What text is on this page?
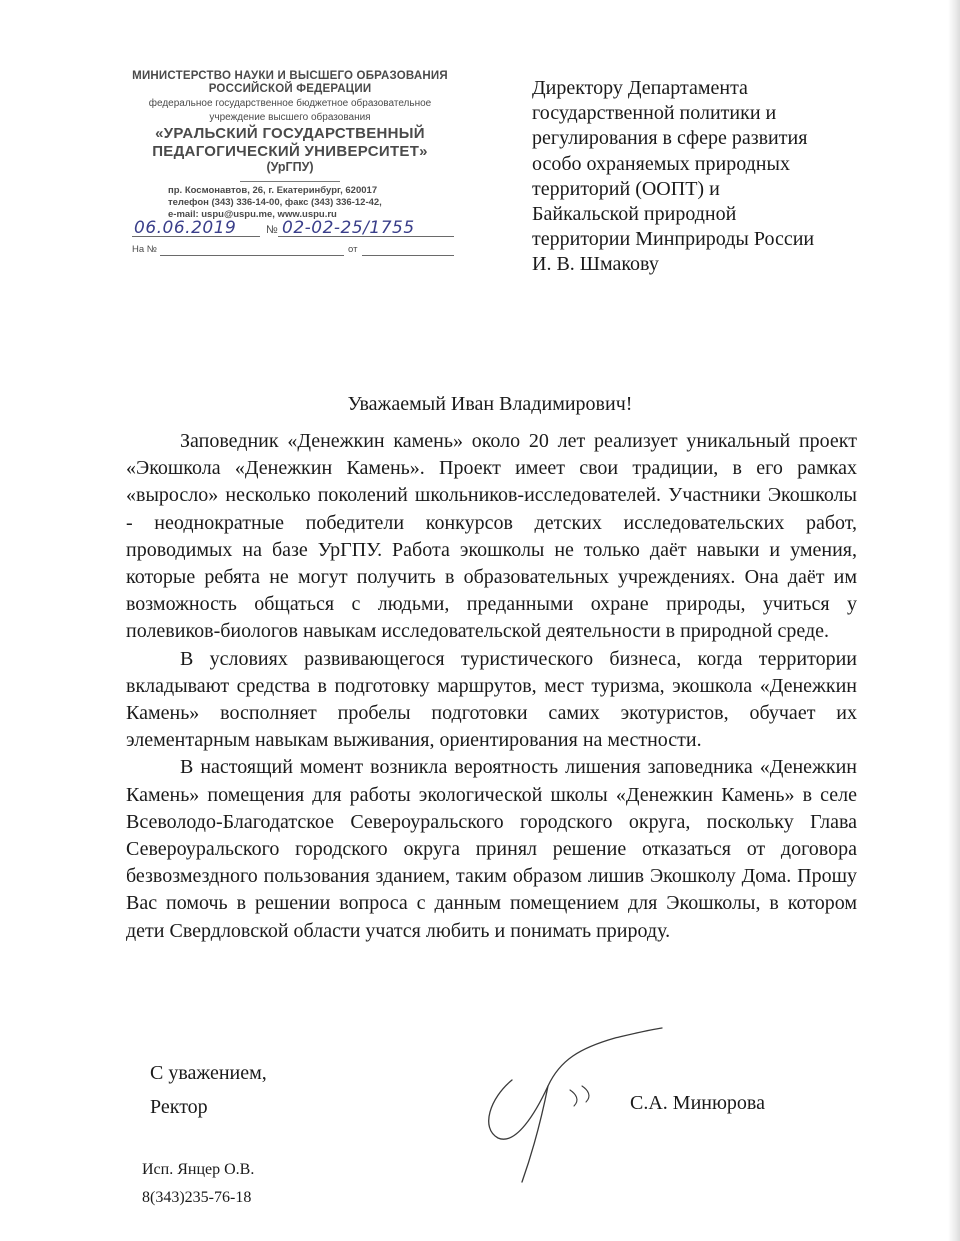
МИНИСТЕРСТВО НАУКИ И ВЫСШЕГО ОБРАЗОВАНИЯ
РОССИЙСКОЙ ФЕДЕРАЦИИ
федеральное государственное бюджетное образовательное
учреждение высшего образования
«УРАЛЬСКИЙ ГОСУДАРСТВЕННЫЙ
ПЕДАГОГИЧЕСКИЙ УНИВЕРСИТЕТ»
(УрГПУ)
пр. Космонавтов, 26, г. Екатеринбург, 620017
телефон (343) 336-14-00, факс (343) 336-12-42,
e-mail: uspu@uspu.me, www.uspu.ru
06.06.2019	№ 02-02-25/1755
На №	от
Директору Департамента
государственной политики и
регулирования в сфере развития
особо охраняемых природных
территорий (ООПТ) и
Байкальской природной
территории Минприроды России
И. В. Шмакову
Уважаемый Иван Владимирович!

Заповедник «Денежкин камень» около 20 лет реализует уникальный проект «Экошкола «Денежкин Камень». Проект имеет свои традиции, в его рамках «выросло» несколько поколений школьников-исследователей. Участники Экошколы - неоднократные победители конкурсов детских исследовательских работ, проводимых на базе УрГПУ. Работа экошколы не только даёт навыки и умения, которые ребята не могут получить в образовательных учреждениях. Она даёт им возможность общаться с людьми, преданными охране природы, учиться у полевиков-биологов навыкам исследовательской деятельности в природной среде.

В условиях развивающегося туристического бизнеса, когда территории вкладывают средства в подготовку маршрутов, мест туризма, экошкола «Денежкин Камень» восполняет пробелы подготовки самих экотуристов, обучает их элементарным навыкам выживания, ориентирования на местности.

В настоящий момент возникла вероятность лишения заповедника «Денежкин Камень» помещения для работы экологической школы «Денежкин Камень» в селе Всеволодо-Благодатское Североуральского городского округа, поскольку Глава Североуральского городского округа принял решение отказаться от договора безвозмездного пользования зданием, таким образом лишив Экошколу Дома. Прошу Вас помочь в решении вопроса с данным помещением для Экошколы, в котором дети Свердловской области учатся любить и понимать природу.

С уважением,
Ректор	С.А. Минюрова
Исп. Янцер О.В.
8(343)235-76-18
